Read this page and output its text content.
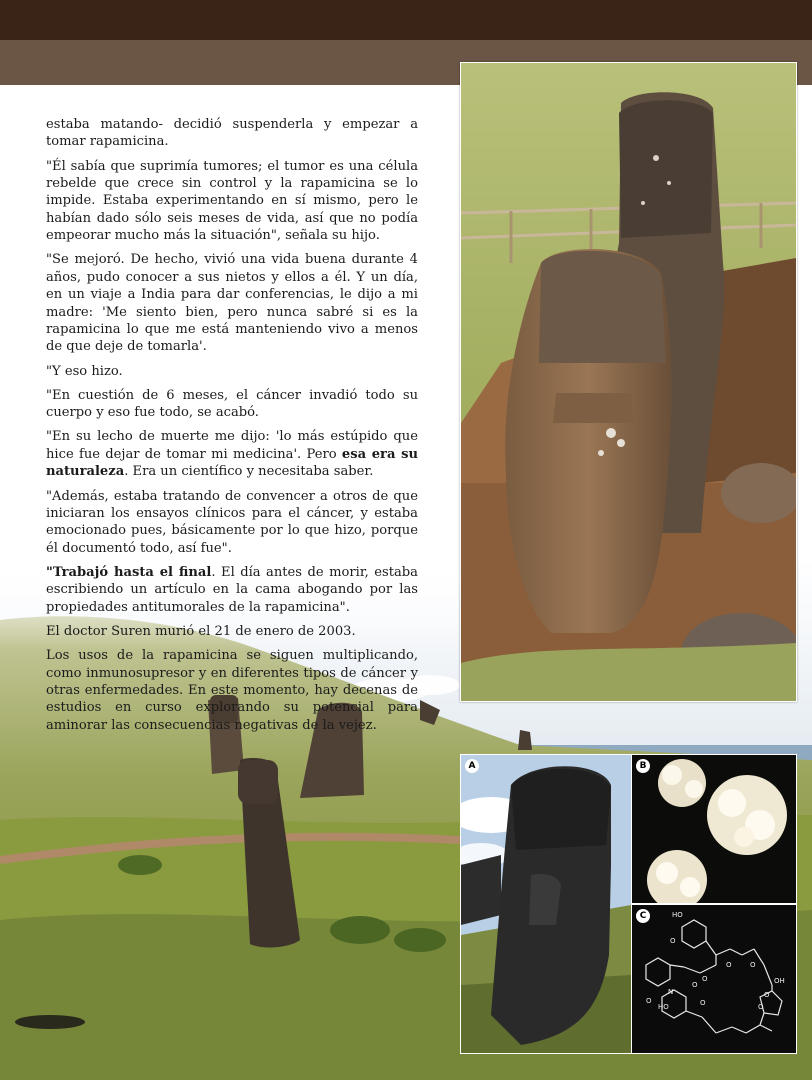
estaba matando- decidió suspenderla y empezar a tomar rapamicina.

"Él sabía que suprimía tumores; el tumor es una célula rebelde que crece sin control y la rapamicina se lo impide. Estaba experimentando en sí mismo, pero le habían dado sólo seis meses de vida, así que no podía empeorar mucho más la situación", señala su hijo.

"Se mejoró. De hecho, vivió una vida buena durante 4 años, pudo conocer a sus nietos y ellos a él. Y un día, en un viaje a India para dar conferencias, le dijo a mi madre: 'Me siento bien, pero nunca sabré si es la rapamicina lo que me está manteniendo vivo a menos de que deje de tomarla'.

"Y eso hizo.

"En cuestión de 6 meses, el cáncer invadió todo su cuerpo y eso fue todo, se acabó.

"En su lecho de muerte me dijo: 'lo más estúpido que hice fue dejar de tomar mi medicina'. Pero esa era su naturaleza. Era un científico y necesitaba saber.

"Además, estaba tratando de convencer a otros de que iniciaran los ensayos clínicos para el cáncer, y estaba emocionado pues, básicamente por lo que hizo, porque él documentó todo, así fue".

"Trabajó hasta el final. El día antes de morir, estaba escribiendo un artículo en la cama abogando por las propiedades antitumorales de la rapamicina".

El doctor Suren murió el 21 de enero de 2003.

Los usos de la rapamicina se siguen multiplicando, como inmunosupresor y en diferentes tipos de cáncer y otras enfermedades. En este momento, hay decenas de estudios en curso explorando su potencial para aminorar las consecuencias negativas de la vejez.

A	B
C	HO
O
O	O
N
O
O	OH
O
HO
O	O	O
